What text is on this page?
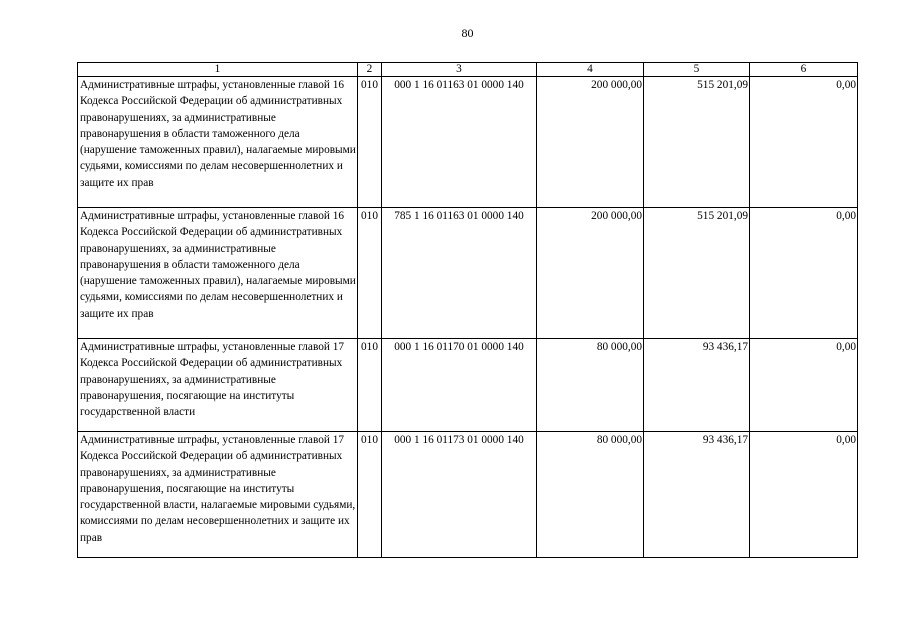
80
1	2	3	4	5	6
Административные штрафы, установленные главой 16 Кодекса Российской Федерации об административных правонарушениях, за административные правонарушения в области таможенного дела (нарушение таможенных правил), налагаемые мировыми судьями, комиссиями по делам несовершеннолетних и защите их прав	010	000 1 16 01163 01 0000 140	200 000,00	515 201,09	0,00
Административные штрафы, установленные главой 16 Кодекса Российской Федерации об административных правонарушениях, за административные правонарушения в области таможенного дела (нарушение таможенных правил), налагаемые мировыми судьями, комиссиями по делам несовершеннолетних и защите их прав	010	785 1 16 01163 01 0000 140	200 000,00	515 201,09	0,00
Административные штрафы, установленные главой 17 Кодекса Российской Федерации об административных правонарушениях, за административные правонарушения, посягающие на институты государственной власти	010	000 1 16 01170 01 0000 140	80 000,00	93 436,17	0,00
Административные штрафы, установленные главой 17 Кодекса Российской Федерации об административных правонарушениях, за административные правонарушения, посягающие на институты государственной власти, налагаемые мировыми судьями, комиссиями по делам несовершеннолетних и защите их прав	010	000 1 16 01173 01 0000 140	80 000,00	93 436,17	0,00
